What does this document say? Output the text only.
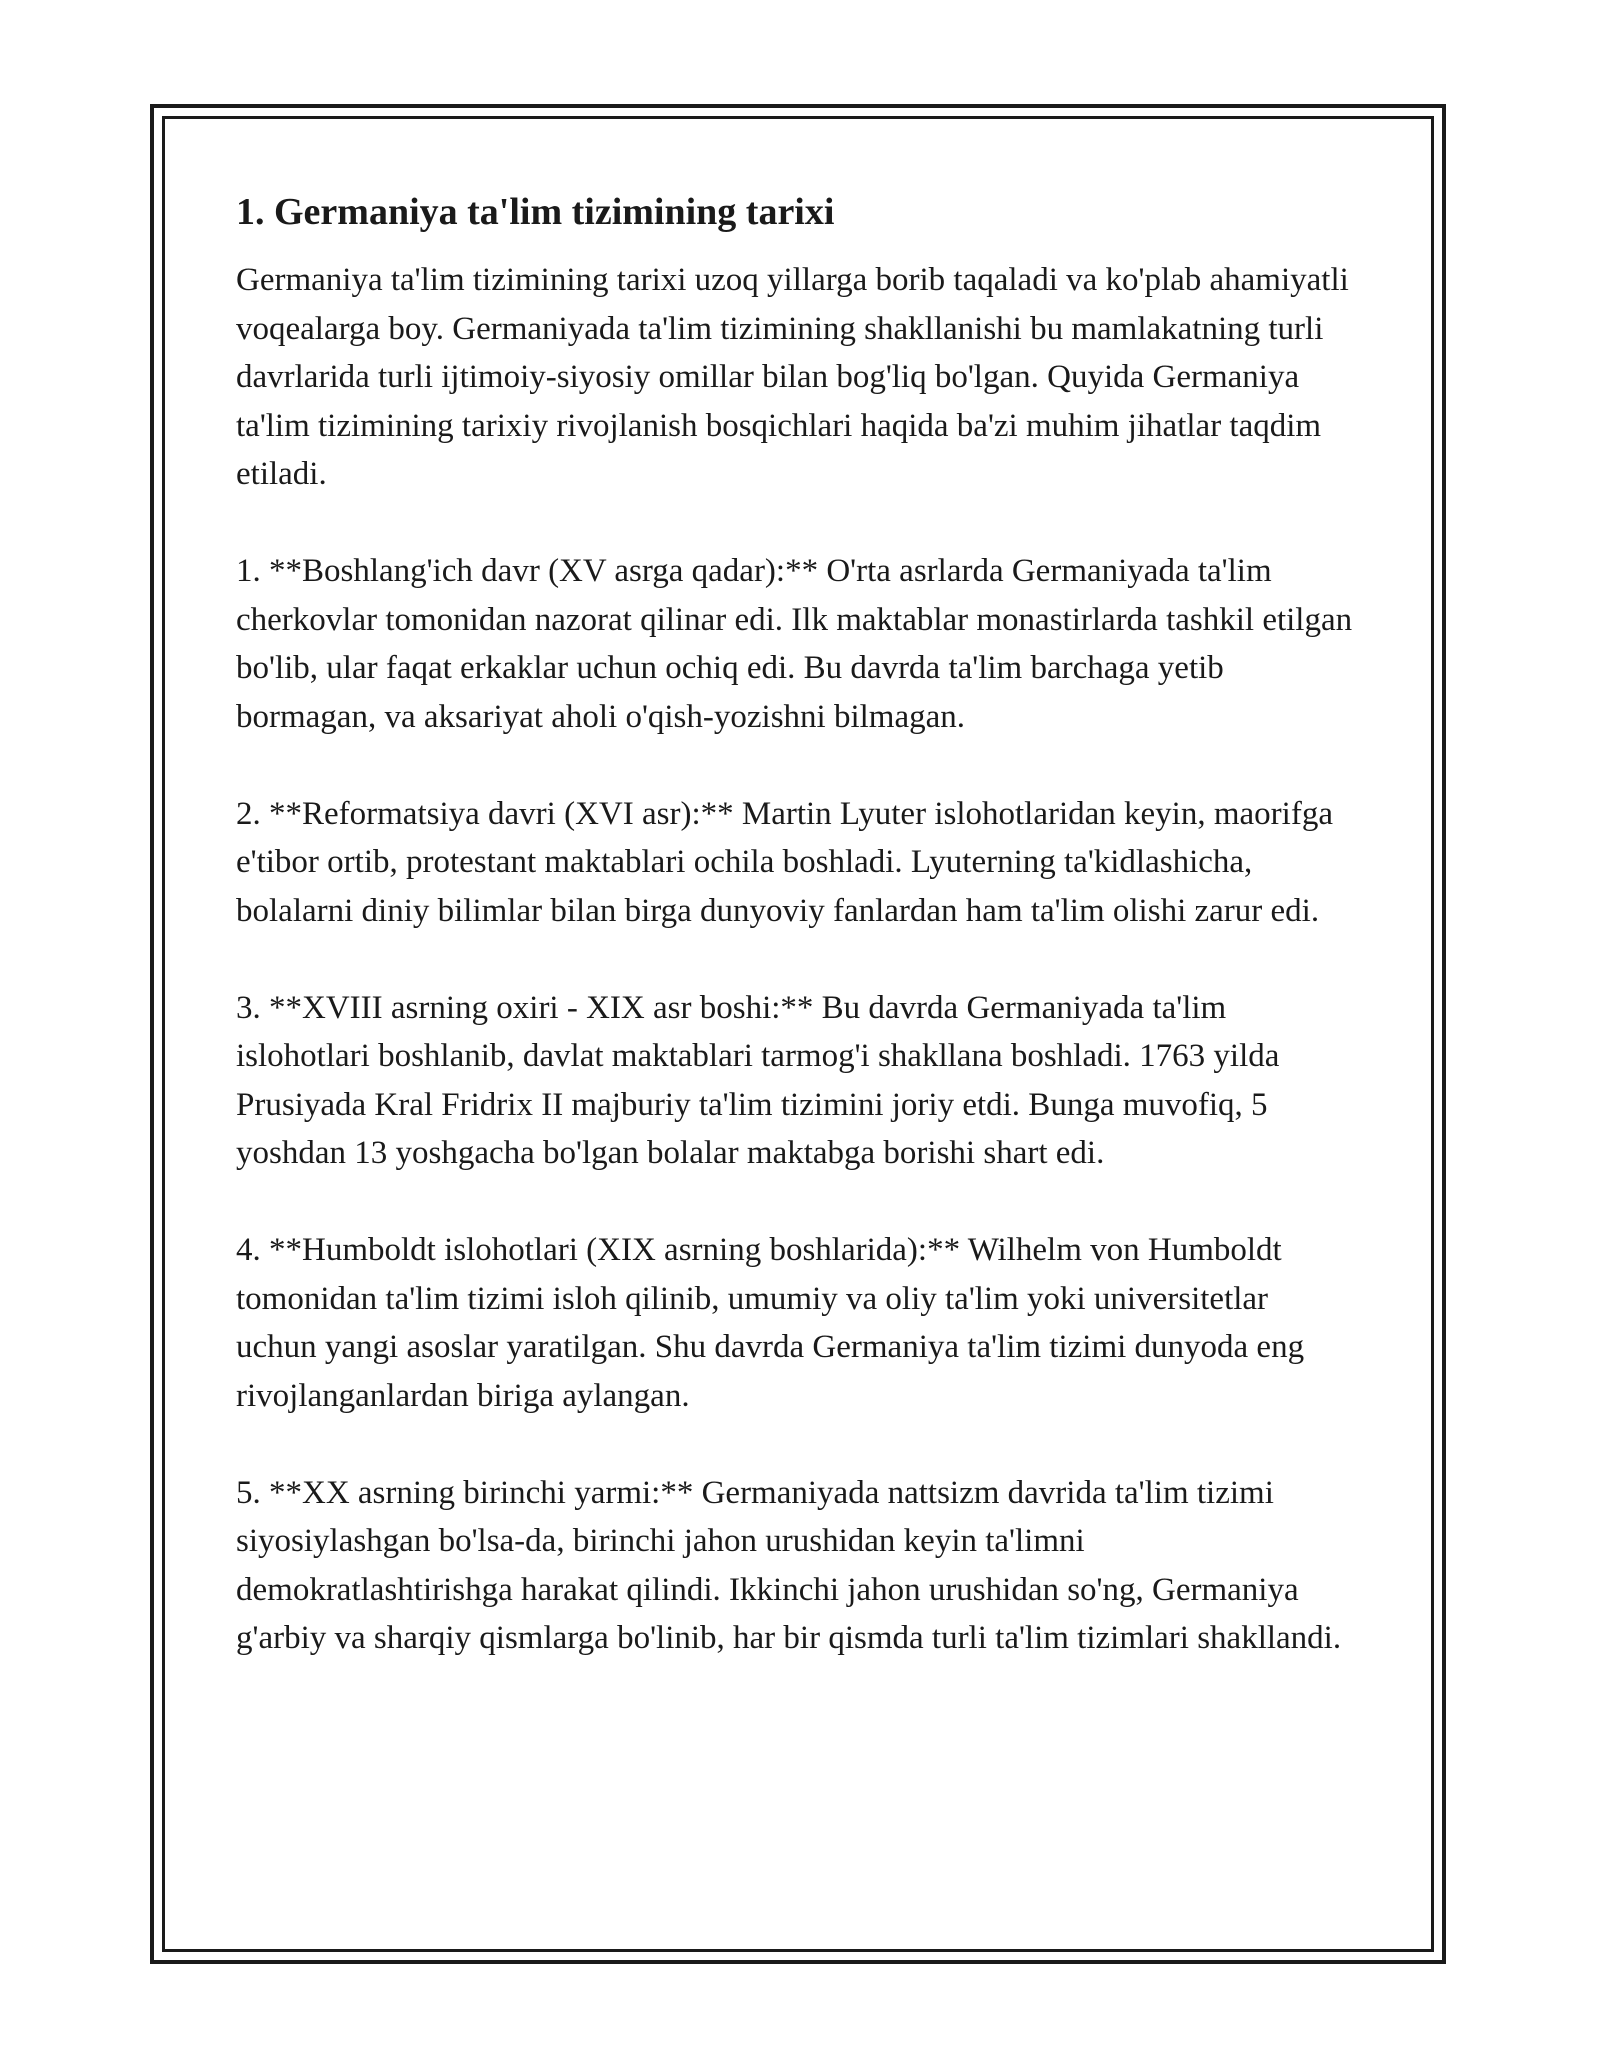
1. Germaniya ta'lim tizimining tarixi

Germaniya ta'lim tizimining tarixi uzoq yillarga borib taqaladi va ko'plab ahamiyatli voqealarga boy. Germaniyada ta'lim tizimining shakllanishi bu mamlakatning turli davrlarida turli ijtimoiy-siyosiy omillar bilan bog'liq bo'lgan. Quyida Germaniya ta'lim tizimining tarixiy rivojlanish bosqichlari haqida ba'zi muhim jihatlar taqdim etiladi.

1. **Boshlang'ich davr (XV asrga qadar):** O'rta asrlarda Germaniyada ta'lim cherkovlar tomonidan nazorat qilinar edi. Ilk maktablar monastirlarda tashkil etilgan bo'lib, ular faqat erkaklar uchun ochiq edi. Bu davrda ta'lim barchaga yetib bormagan, va aksariyat aholi o'qish-yozishni bilmagan.

2. **Reformatsiya davri (XVI asr):** Martin Lyuter islohotlaridan keyin, maorifga e'tibor ortib, protestant maktablari ochila boshladi. Lyuterning ta'kidlashicha, bolalarni diniy bilimlar bilan birga dunyoviy fanlardan ham ta'lim olishi zarur edi.

3. **XVIII asrning oxiri - XIX asr boshi:** Bu davrda Germaniyada ta'lim islohotlari boshlanib, davlat maktablari tarmog'i shakllana boshladi. 1763 yilda Prusiyada Kral Fridrix II majburiy ta'lim tizimini joriy etdi. Bunga muvofiq, 5 yoshdan 13 yoshgacha bo'lgan bolalar maktabga borishi shart edi.

4. **Humboldt islohotlari (XIX asrning boshlarida):** Wilhelm von Humboldt tomonidan ta'lim tizimi isloh qilinib, umumiy va oliy ta'lim yoki universitetlar uchun yangi asoslar yaratilgan. Shu davrda Germaniya ta'lim tizimi dunyoda eng rivojlanganlardan biriga aylangan.

5. **XX asrning birinchi yarmi:** Germaniyada nattsizm davrida ta'lim tizimi siyosiylashgan bo'lsa-da, birinchi jahon urushidan keyin ta'limni demokratlashtirishga harakat qilindi. Ikkinchi jahon urushidan so'ng, Germaniya g'arbiy va sharqiy qismlarga bo'linib, har bir qismda turli ta'lim tizimlari shakllandi.
